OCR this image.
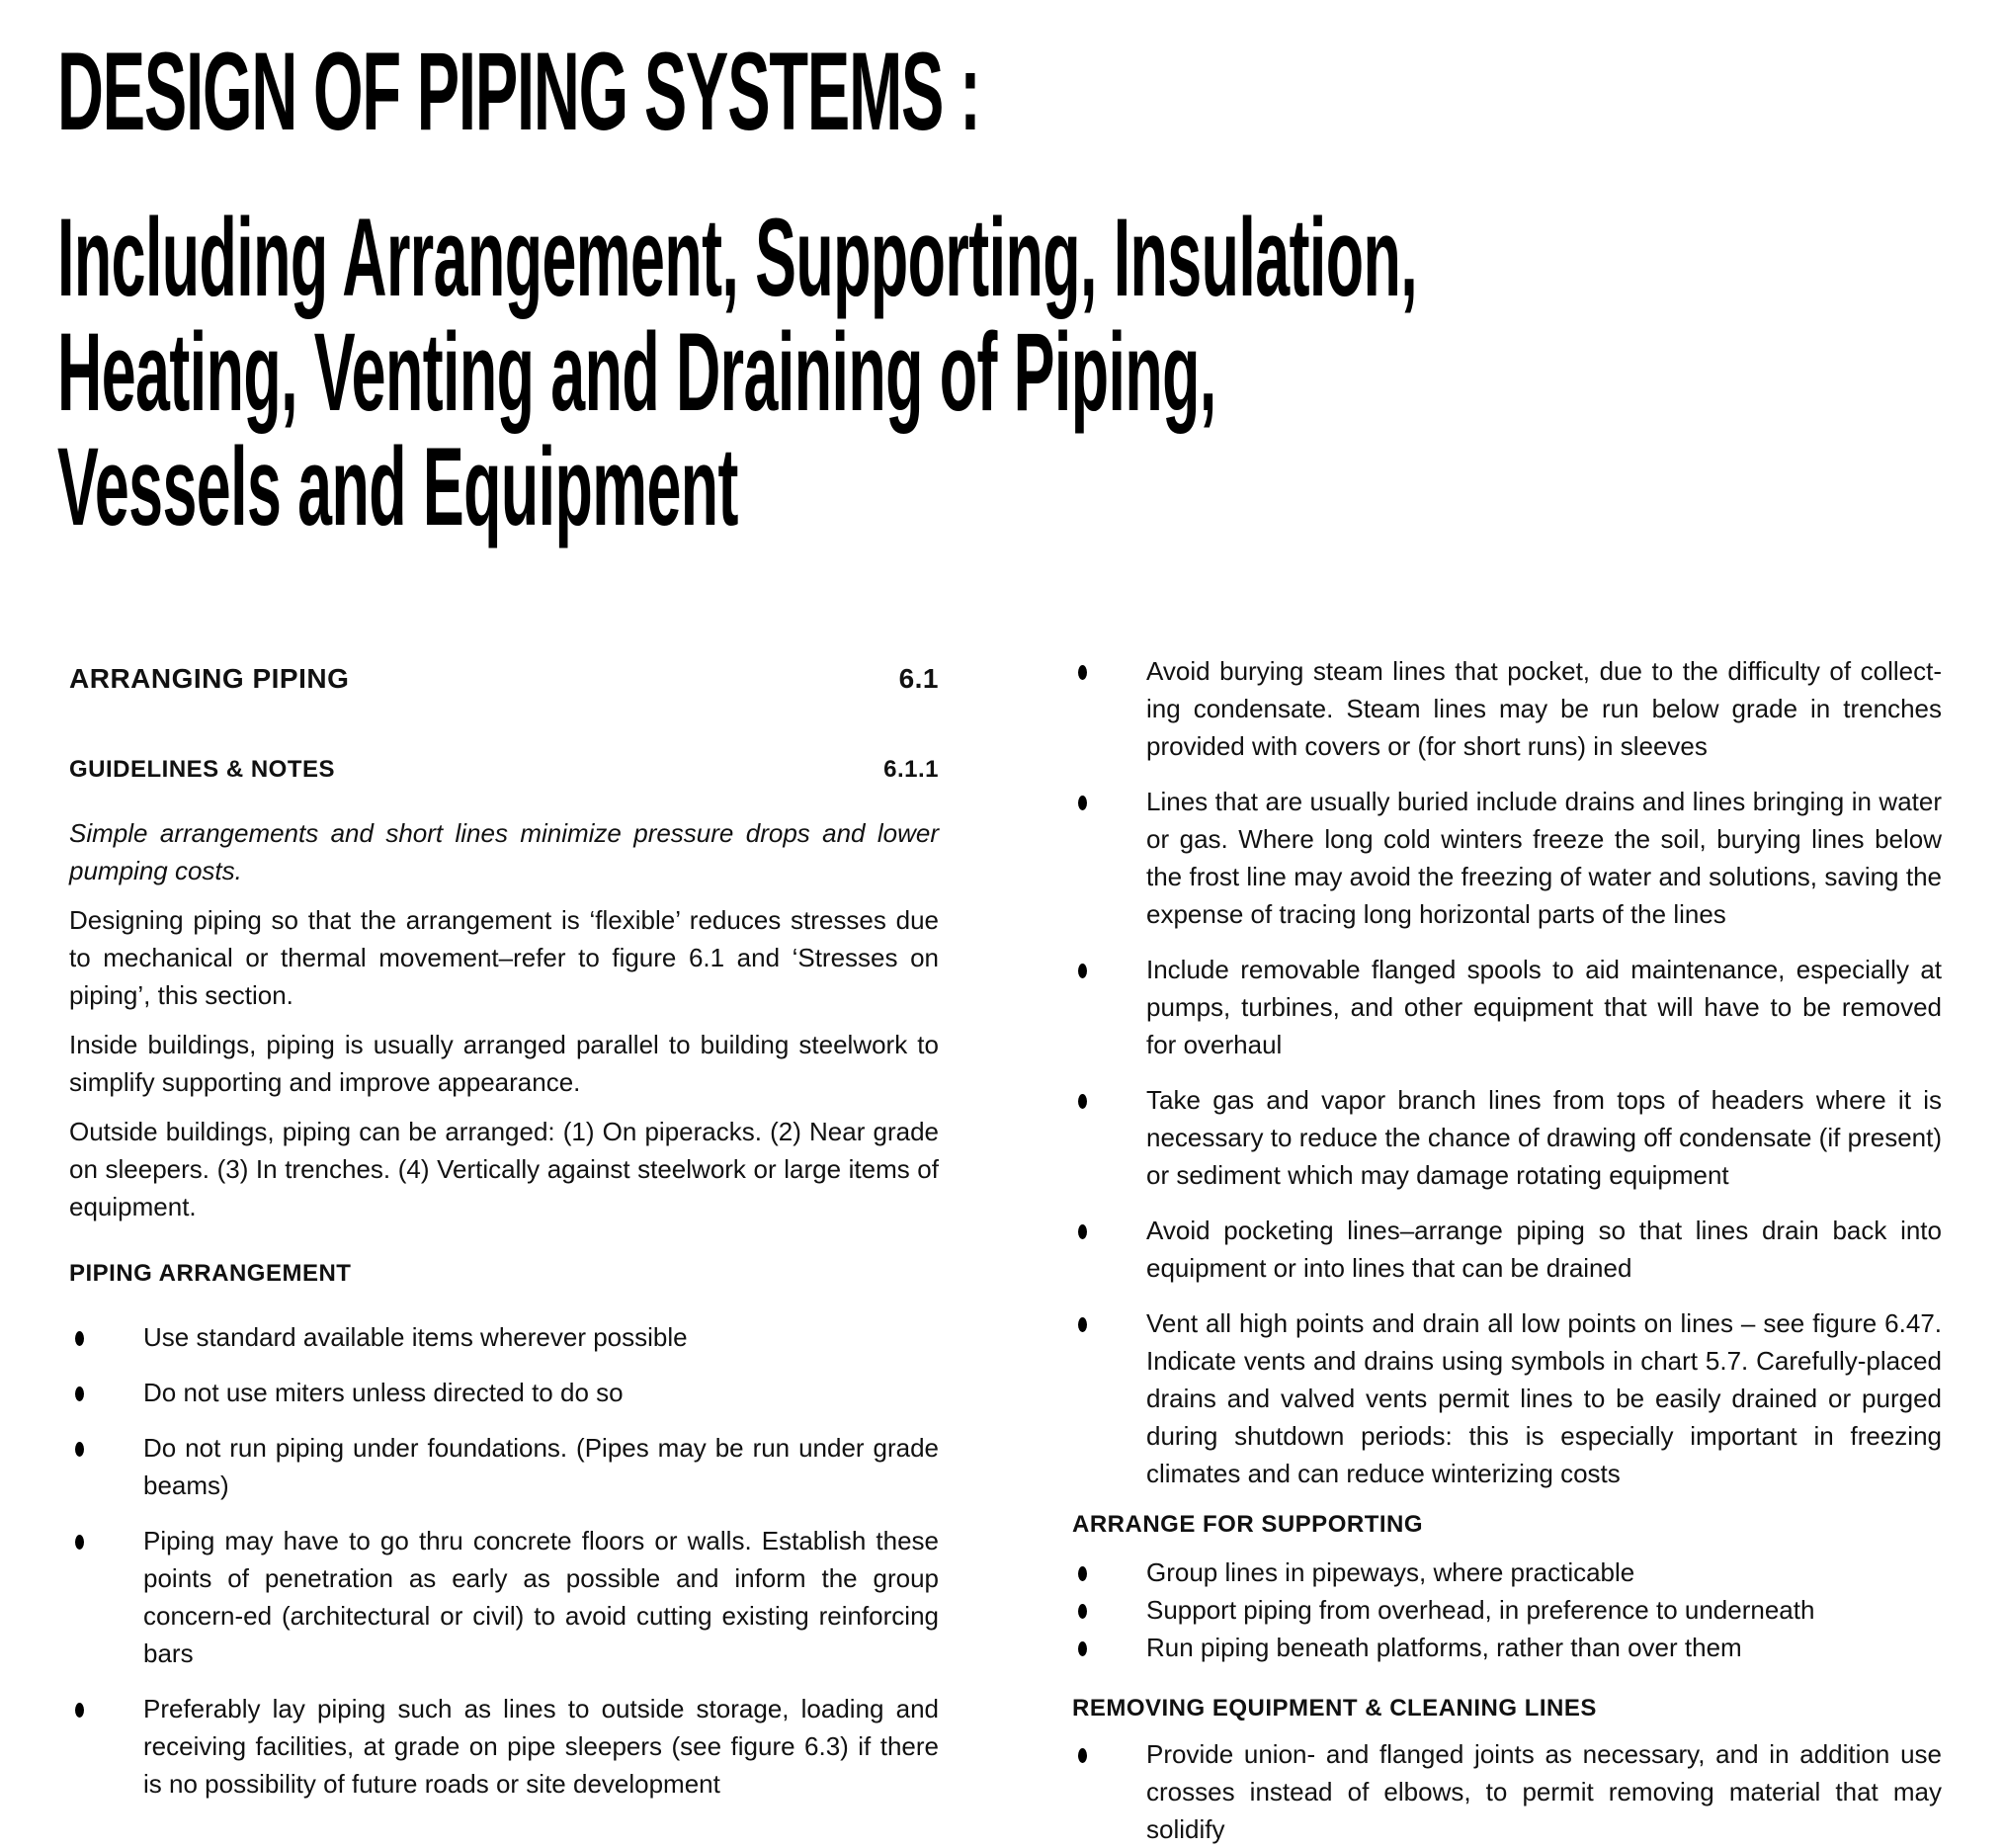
DESIGN OF PIPING SYSTEMS :
Including Arrangement, Supporting, Insulation,
Heating, Venting and Draining of Piping,
Vessels and Equipment
ARRANGING PIPING	6.1
GUIDELINES & NOTES	6.1.1

Simple arrangements and short lines minimize pressure drops and lower pumping costs.

Designing piping so that the arrangement is ‘flexible’ reduces stresses due to mechanical or thermal movement–refer to figure 6.1 and ‘Stresses on piping’, this section.

Inside buildings, piping is usually arranged parallel to building steelwork to simplify supporting and improve appearance.

Outside buildings, piping can be arranged: (1) On piperacks. (2) Near grade on sleepers. (3) In trenches. (4) Vertically against steelwork or large items of equipment.

PIPING ARRANGEMENT
Use standard available items wherever possible
Do not use miters unless directed to do so
Do not run piping under foundations. (Pipes may be run under grade beams)
Piping may have to go thru concrete floors or walls. Establish these points of penetration as early as possible and inform the group concern-ed (architectural or civil) to avoid cutting existing reinforcing bars
Preferably lay piping such as lines to outside storage, loading and receiving facilities, at grade on pipe sleepers (see figure 6.3) if there is no possibility of future roads or site development
Avoid burying steam lines that pocket, due to the difficulty of collect-ing condensate. Steam lines may be run below grade in trenches provided with covers or (for short runs) in sleeves
Lines that are usually buried include drains and lines bringing in water or gas. Where long cold winters freeze the soil, burying lines below the frost line may avoid the freezing of water and solutions, saving the expense of tracing long horizontal parts of the lines
Include removable flanged spools to aid maintenance, especially at pumps, turbines, and other equipment that will have to be removed for overhaul
Take gas and vapor branch lines from tops of headers where it is necessary to reduce the chance of drawing off condensate (if present) or sediment which may damage rotating equipment
Avoid pocketing lines–arrange piping so that lines drain back into equipment or into lines that can be drained
Vent all high points and drain all low points on lines – see figure 6.47. Indicate vents and drains using symbols in chart 5.7. Carefully-placed drains and valved vents permit lines to be easily drained or purged during shutdown periods: this is especially important in freezing climates and can reduce winterizing costs
ARRANGE FOR SUPPORTING
Group lines in pipeways, where practicable
Support piping from overhead, in preference to underneath
Run piping beneath platforms, rather than over them
REMOVING EQUIPMENT & CLEANING LINES
Provide union- and flanged joints as necessary, and in addition use crosses instead of elbows, to permit removing material that may solidify
